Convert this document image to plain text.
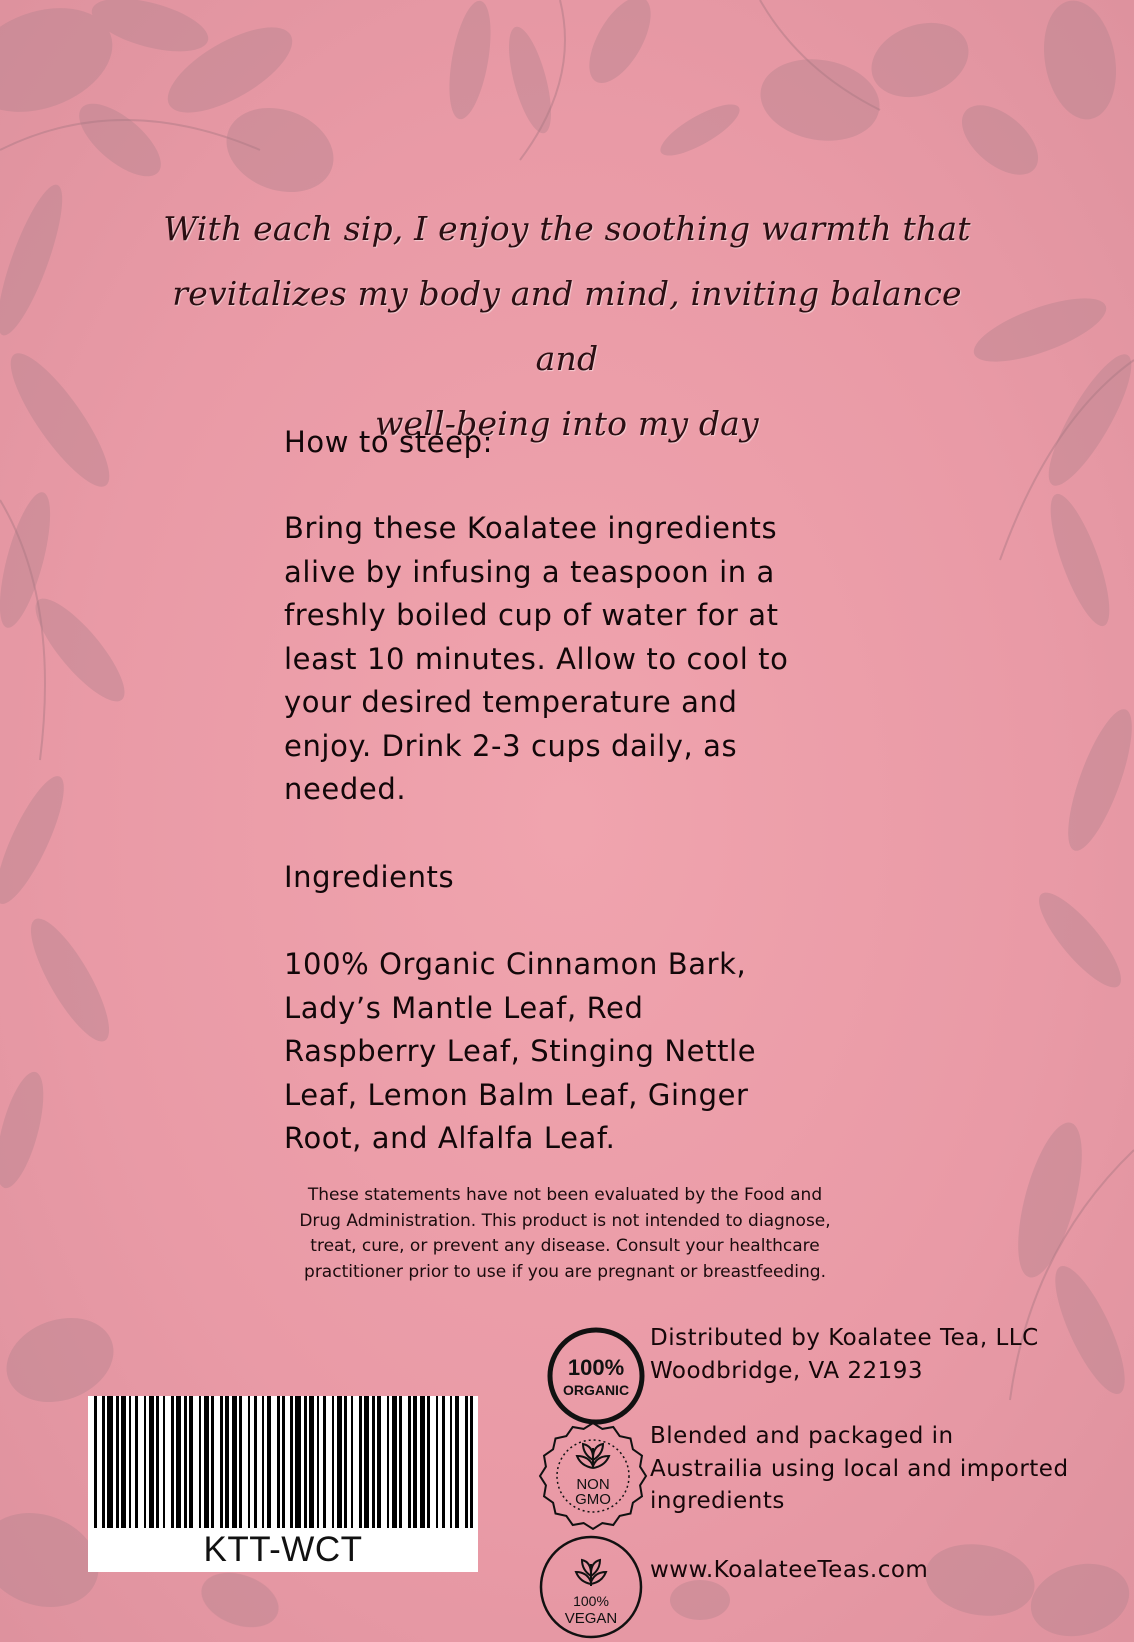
With each sip, I enjoy the soothing warmth that
revitalizes my body and mind, inviting balance and
well-being into my day
How to steep:
Bring these Koalatee ingredients
alive by infusing a teaspoon in a
freshly boiled cup of water for at
least 10 minutes. Allow to cool to
your desired temperature and
enjoy. Drink 2-3 cups daily, as
needed.
Ingredients
100% Organic Cinnamon Bark,
Lady’s Mantle Leaf, Red
Raspberry Leaf, Stinging Nettle
Leaf, Lemon Balm Leaf, Ginger
Root, and Alfalfa Leaf.
These statements have not been evaluated by the Food and
Drug Administration. This product is not intended to diagnose,
treat, cure, or prevent any disease. Consult your healthcare
practitioner prior to use if you are pregnant or breastfeeding.
KTT-WCT
100%
ORGANIC
NON
GMO
100%
VEGAN
Distributed by Koalatee Tea, LLC
Woodbridge, VA 22193
Blended and packaged in
Austrailia using local and imported
ingredients
www.KoalateeTeas.com
